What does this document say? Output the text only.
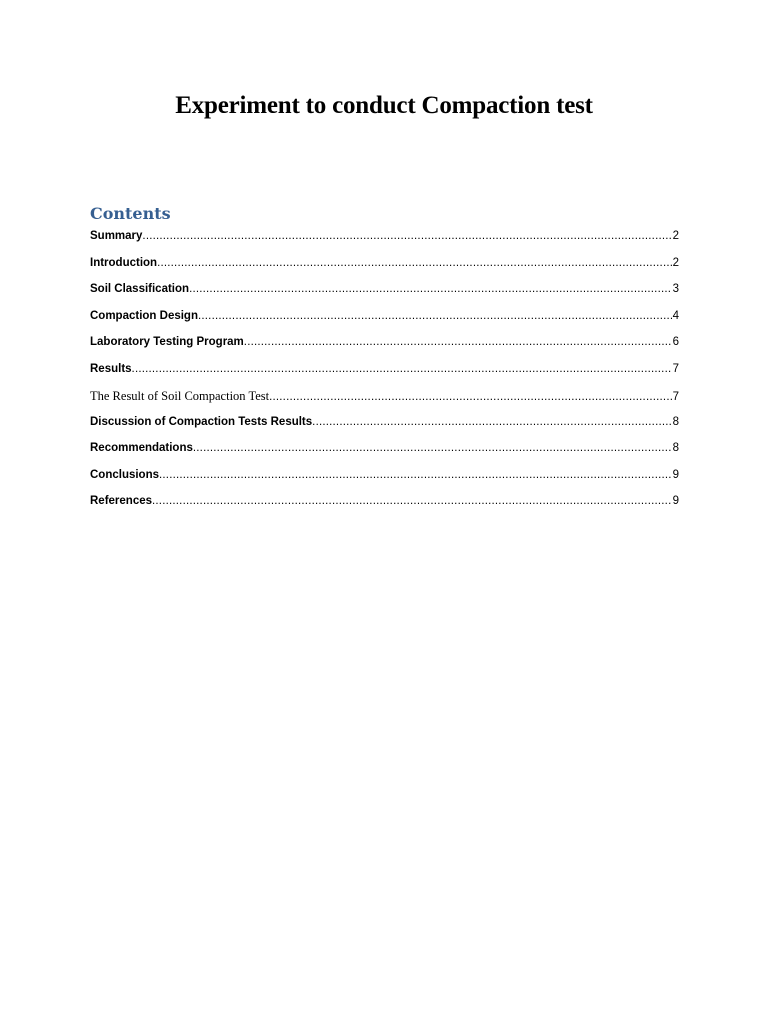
Experiment to conduct Compaction test
Contents
Summary .....	2
Introduction .....	2
Soil Classification .....	3
Compaction Design .....	4
Laboratory Testing Program .....	6
Results .....	7
The Result of Soil Compaction Test .....	7
Discussion of Compaction Tests Results .....	8
Recommendations .....	8
Conclusions .....	9
References .....	9
